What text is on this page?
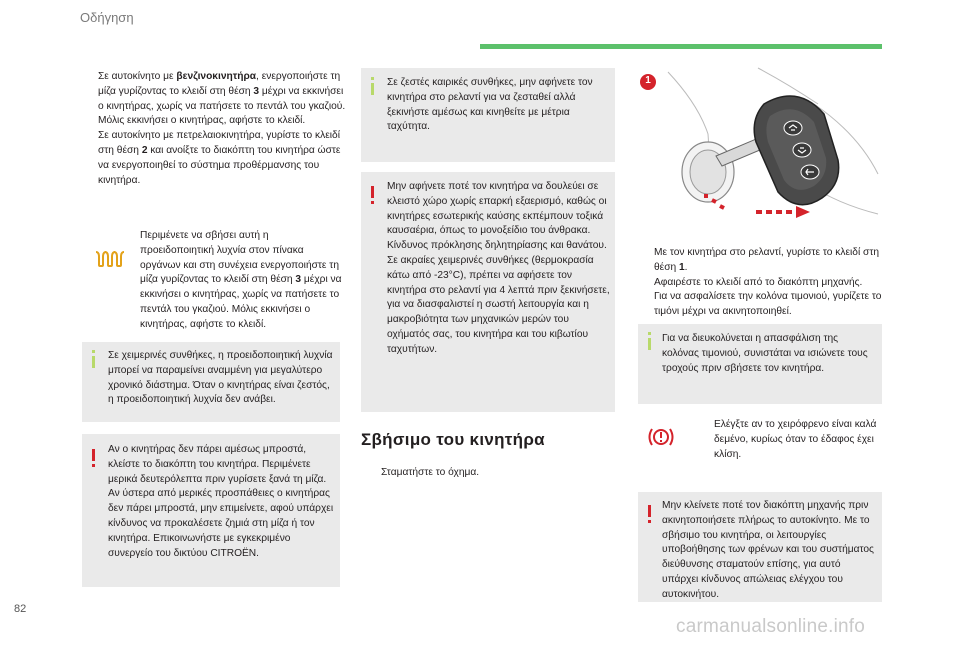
Οδήγηση
Σε αυτοκίνητο με βενζινοκινητήρα, ενεργοποιήστε τη μίζα γυρίζοντας το κλειδί στη θέση 3 μέχρι να εκκινήσει ο κινητήρας, χωρίς να πατήσετε το πεντάλ του γκαζιού. Μόλις εκκινήσει ο κινητήρας, αφήστε το κλειδί.
Σε αυτοκίνητο με πετρελαιοκινητήρα, γυρίστε το κλειδί στη θέση 2 και ανοίξτε το διακόπτη του κινητήρα ώστε να ενεργοποιηθεί το σύστημα προθέρμανσης του κινητήρα.
Περιμένετε να σβήσει αυτή η προειδοποιητική λυχνία στον πίνακα οργάνων και στη συνέχεια ενεργοποιήστε τη μίζα γυρίζοντας το κλειδί στη θέση 3 μέχρι να εκκινήσει ο κινητήρας, χωρίς να πατήσετε το πεντάλ του γκαζιού. Μόλις εκκινήσει ο κινητήρας, αφήστε το κλειδί.
Σε χειμερινές συνθήκες, η προειδοποιητική λυχνία μπορεί να παραμείνει αναμμένη για μεγαλύτερο χρονικό διάστημα. Όταν ο κινητήρας είναι ζεστός, η προειδοποιητική λυχνία δεν ανάβει.
Αν ο κινητήρας δεν πάρει αμέσως μπροστά, κλείστε το διακόπτη του κινητήρα. Περιμένετε μερικά δευτερόλεπτα πριν γυρίσετε ξανά τη μίζα. Αν ύστερα από μερικές προσπάθειες ο κινητήρας δεν πάρει μπροστά, μην επιμείνετε, αφού υπάρχει κίνδυνος να προκαλέσετε ζημιά στη μίζα ή τον κινητήρα. Επικοινωνήστε με εγκεκριμένο συνεργείο του δικτύου CITROËN.
Σε ζεστές καιρικές συνθήκες, μην αφήνετε τον κινητήρα στο ρελαντί για να ζεσταθεί αλλά ξεκινήστε αμέσως και κινηθείτε με μέτρια ταχύτητα.
Μην αφήνετε ποτέ τον κινητήρα να δουλεύει σε κλειστό χώρο χωρίς επαρκή εξαερισμό, καθώς οι κινητήρες εσωτερικής καύσης εκπέμπουν τοξικά καυσαέρια, όπως το μονοξείδιο του άνθρακα. Κίνδυνος πρόκλησης δηλητηρίασης και θανάτου.
Σε ακραίες χειμερινές συνθήκες (θερμοκρασία κάτω από -23°C), πρέπει να αφήσετε τον κινητήρα στο ρελαντί για 4 λεπτά πριν ξεκινήσετε, για να διασφαλιστεί η σωστή λειτουργία και η μακροβιότητα των μηχανικών μερών του οχήματός σας, του κινητήρα και του κιβωτίου ταχυτήτων.
Σβήσιμο του κινητήρα
Σταματήστε το όχημα.
1
Με τον κινητήρα στο ρελαντί, γυρίστε το κλειδί στη θέση 1.
Αφαιρέστε το κλειδί από το διακόπτη μηχανής.
Για να ασφαλίσετε την κολόνα τιμονιού, γυρίζετε το τιμόνι μέχρι να ακινητοποιηθεί.
Για να διευκολύνεται η απασφάλιση της κολόνας τιμονιού, συνιστάται να ισιώνετε τους τροχούς πριν σβήσετε τον κινητήρα.
Ελέγξτε αν το χειρόφρενο είναι καλά δεμένο, κυρίως όταν το έδαφος έχει κλίση.
Μην κλείνετε ποτέ τον διακόπτη μηχανής πριν ακινητοποιήσετε πλήρως το αυτοκίνητο. Με το σβήσιμο του κινητήρα, οι λειτουργίες υποβοήθησης των φρένων και του συστήματος διεύθυνσης σταματούν επίσης, για αυτό υπάρχει κίνδυνος απώλειας ελέγχου του αυτοκινήτου.
82
carmanualsonline.info
